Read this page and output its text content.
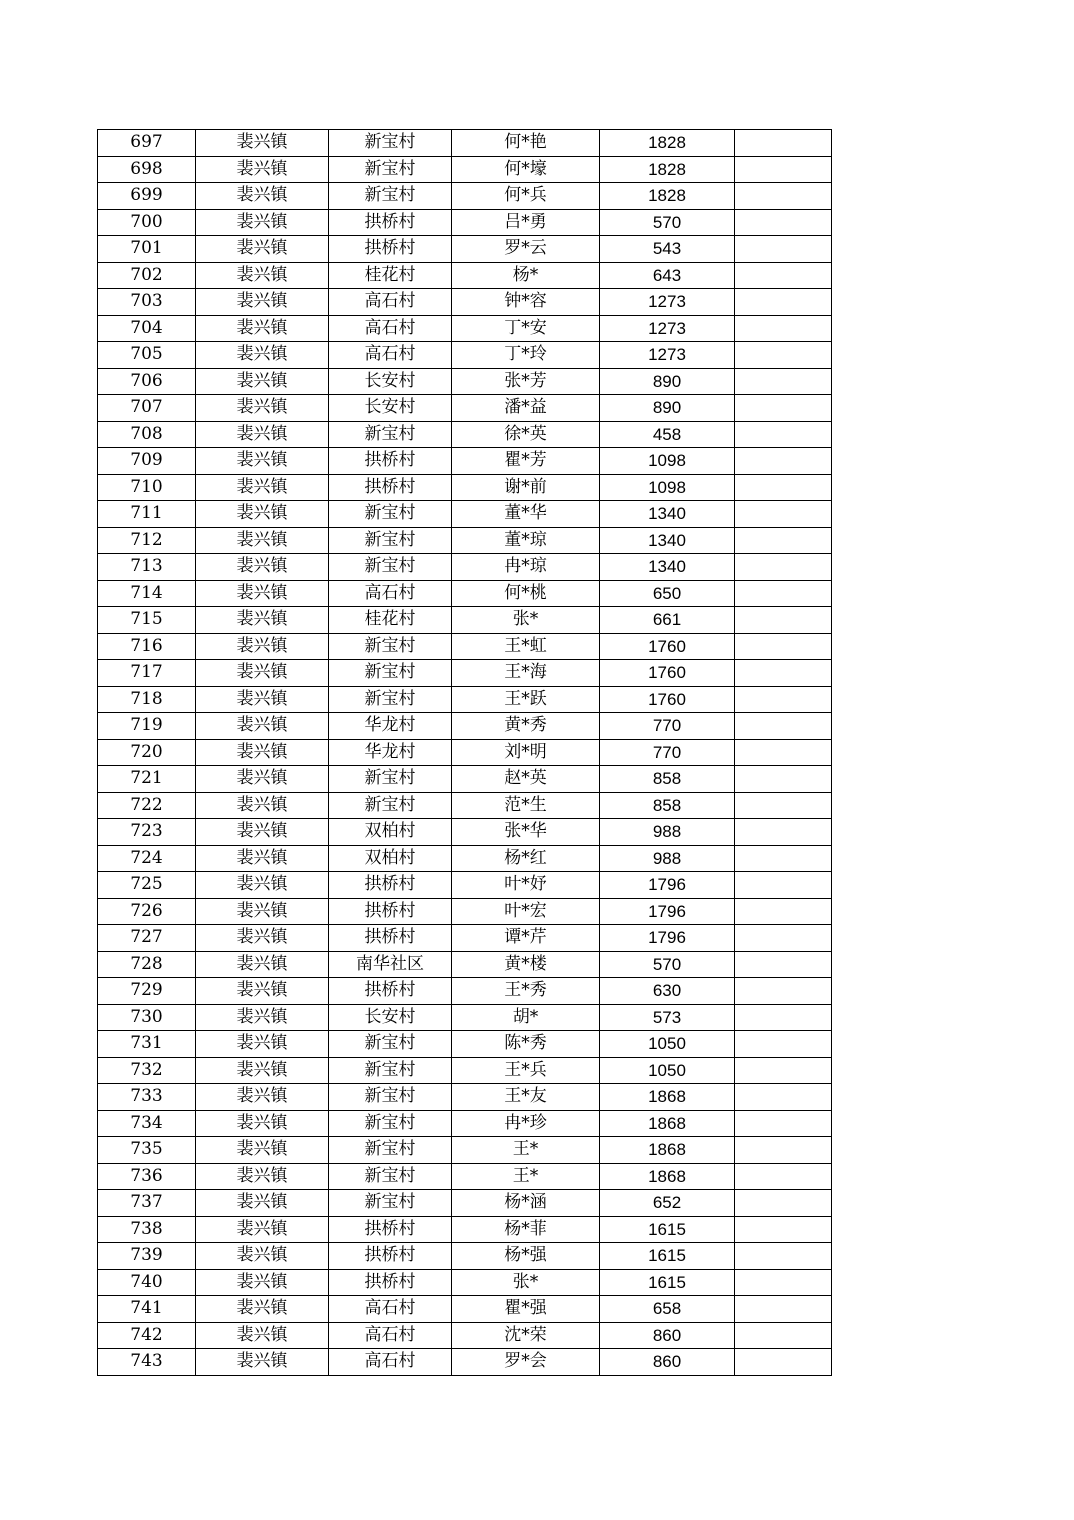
697	裴兴镇	新宝村	何*艳	1828	
698	裴兴镇	新宝村	何*壕	1828	
699	裴兴镇	新宝村	何*兵	1828	
700	裴兴镇	拱桥村	吕*勇	570	
701	裴兴镇	拱桥村	罗*云	543	
702	裴兴镇	桂花村	杨*	643	
703	裴兴镇	高石村	钟*容	1273	
704	裴兴镇	高石村	丁*安	1273	
705	裴兴镇	高石村	丁*玲	1273	
706	裴兴镇	长安村	张*芳	890	
707	裴兴镇	长安村	潘*益	890	
708	裴兴镇	新宝村	徐*英	458	
709	裴兴镇	拱桥村	瞿*芳	1098	
710	裴兴镇	拱桥村	谢*前	1098	
711	裴兴镇	新宝村	董*华	1340	
712	裴兴镇	新宝村	董*琼	1340	
713	裴兴镇	新宝村	冉*琼	1340	
714	裴兴镇	高石村	何*桃	650	
715	裴兴镇	桂花村	张*	661	
716	裴兴镇	新宝村	王*虹	1760	
717	裴兴镇	新宝村	王*海	1760	
718	裴兴镇	新宝村	王*跃	1760	
719	裴兴镇	华龙村	黄*秀	770	
720	裴兴镇	华龙村	刘*明	770	
721	裴兴镇	新宝村	赵*英	858	
722	裴兴镇	新宝村	范*生	858	
723	裴兴镇	双柏村	张*华	988	
724	裴兴镇	双柏村	杨*红	988	
725	裴兴镇	拱桥村	叶*妤	1796	
726	裴兴镇	拱桥村	叶*宏	1796	
727	裴兴镇	拱桥村	谭*芹	1796	
728	裴兴镇	南华社区	黄*楼	570	
729	裴兴镇	拱桥村	王*秀	630	
730	裴兴镇	长安村	胡*	573	
731	裴兴镇	新宝村	陈*秀	1050	
732	裴兴镇	新宝村	王*兵	1050	
733	裴兴镇	新宝村	王*友	1868	
734	裴兴镇	新宝村	冉*珍	1868	
735	裴兴镇	新宝村	王*	1868	
736	裴兴镇	新宝村	王*	1868	
737	裴兴镇	新宝村	杨*涵	652	
738	裴兴镇	拱桥村	杨*菲	1615	
739	裴兴镇	拱桥村	杨*强	1615	
740	裴兴镇	拱桥村	张*	1615	
741	裴兴镇	高石村	瞿*强	658	
742	裴兴镇	高石村	沈*荣	860	
743	裴兴镇	高石村	罗*会	860	
